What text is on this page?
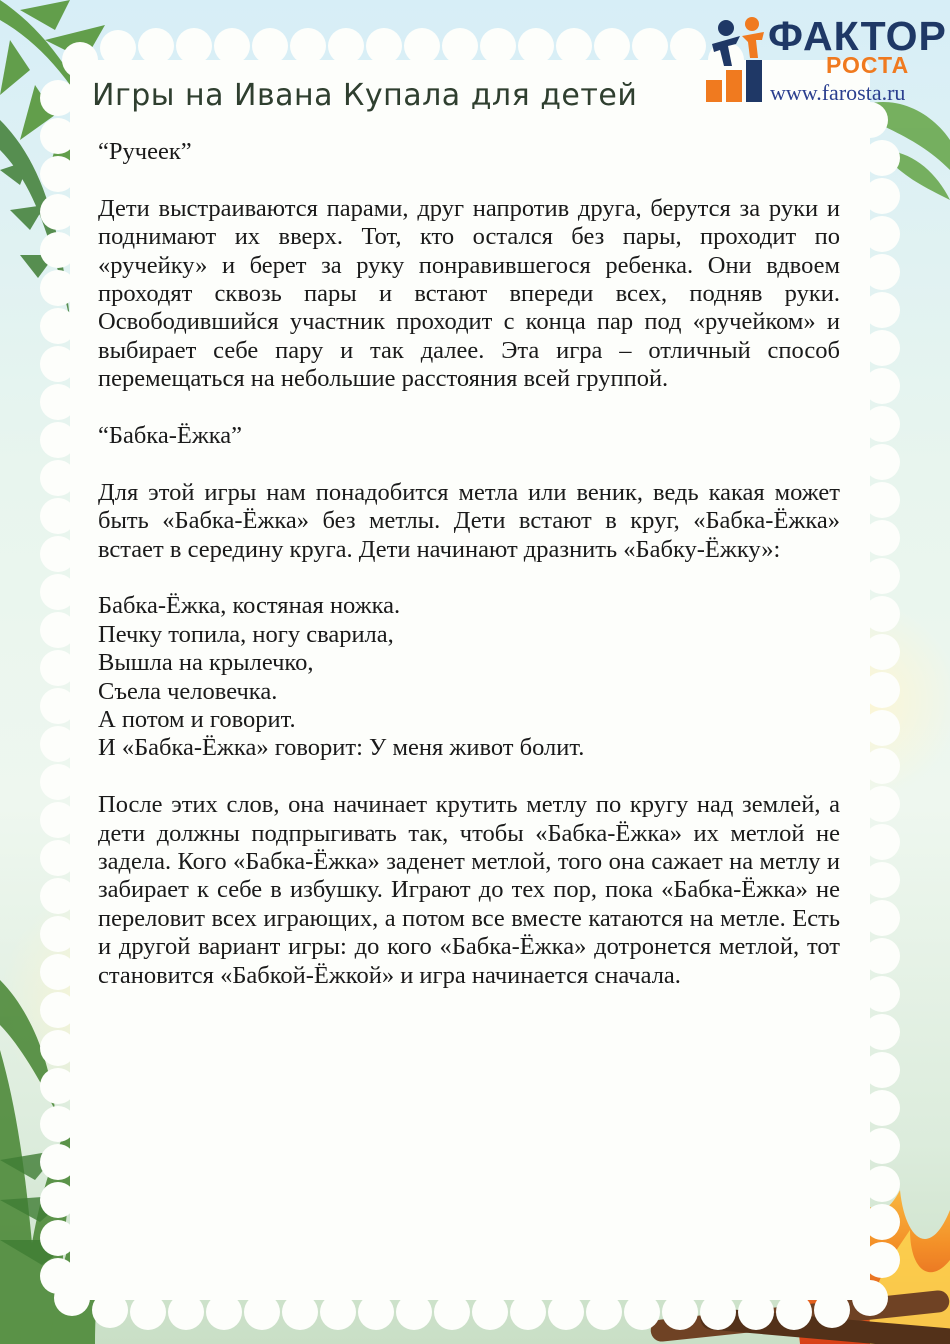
ФАКТОР
РОСТА
www.farosta.ru
Игры на Ивана Купала для детей

“Ручеек”

Дети выстраиваются парами, друг напротив друга, берутся за руки и поднимают их вверх. Тот, кто остался без пары, проходит по «ручейку» и берет за руку понравившегося ребенка. Они вдвоем проходят сквозь пары и встают впереди всех, подняв руки. Освободившийся участник проходит с конца пар под «ручейком» и выбирает себе пару и так далее. Эта игра – отличный способ перемещаться на небольшие расстояния всей группой.

“Бабка-Ёжка”

Для этой игры нам понадобится метла или веник, ведь какая может быть «Бабка-Ёжка» без метлы. Дети встают в круг, «Бабка-Ёжка» встает в середину круга. Дети начинают дразнить «Бабку-Ёжку»:

Бабка-Ёжка, костяная ножка.
Печку топила, ногу сварила,
Вышла на крылечко,
Съела человечка.
А потом и говорит.
И «Бабка-Ёжка» говорит: У меня живот болит.

После этих слов, она начинает крутить метлу по кругу над землей, а дети должны подпрыгивать так, чтобы «Бабка-Ёжка» их метлой не задела. Кого «Бабка-Ёжка» заденет метлой, того она сажает на метлу и забирает к себе в избушку. Играют до тех пор, пока «Бабка-Ёжка» не переловит всех играющих, а потом все вместе катаются на метле. Есть и другой вариант игры: до кого «Бабка-Ёжка» дотронется метлой, тот становится «Бабкой-Ёжкой» и игра начинается сначала.
